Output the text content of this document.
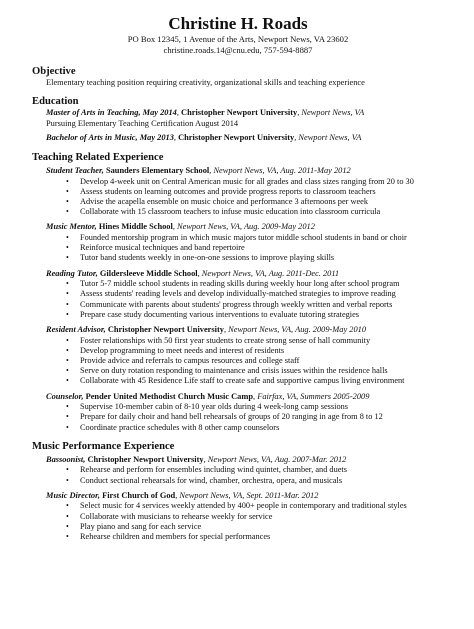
Christine H. Roads
PO Box 12345, 1 Avenue of the Arts, Newport News, VA 23602
christine.roads.14@cnu.edu, 757-594-8887
Objective
Elementary teaching position requiring creativity, organizational skills and teaching experience
Education
Master of Arts in Teaching, May 2014, Christopher Newport University, Newport News, VA
Pursuing Elementary Teaching Certification August 2014
Bachelor of Arts in Music, May 2013, Christopher Newport University, Newport News, VA
Teaching Related Experience
Student Teacher, Saunders Elementary School, Newport News, VA, Aug. 2011-May 2012
• Develop 4-week unit on Central American music for all grades and class sizes ranging from 20 to 30
• Assess students on learning outcomes and provide progress reports to classroom teachers
• Advise the acapella ensemble on music choice and performance 3 afternoons per week
• Collaborate with 15 classroom teachers to infuse music education into classroom curricula
Music Mentor, Hines Middle School, Newport News, VA, Aug. 2009-May 2012
• Founded mentorship program in which music majors tutor middle school students in band or choir
• Reinforce musical techniques and band repertoire
• Tutor band students weekly in one-on-one sessions to improve playing skills
Reading Tutor, Gildersleeve Middle School, Newport News, VA, Aug. 2011-Dec. 2011
• Tutor 5-7 middle school students in reading skills during weekly hour long after school program
• Assess students' reading levels and develop individually-matched strategies to improve reading
• Communicate with parents about students' progress through weekly written and verbal reports
• Prepare case study documenting various interventions to evaluate tutoring strategies
Resident Advisor, Christopher Newport University, Newport News, VA, Aug. 2009-May 2010
• Foster relationships with 50 first year students to create strong sense of hall community
• Develop programming to meet needs and interest of residents
• Provide advice and referrals to campus resources and college staff
• Serve on duty rotation responding to maintenance and crisis issues within the residence halls
• Collaborate with 45 Residence Life staff to create safe and supportive campus living environment
Counselor, Pender United Methodist Church Music Camp, Fairfax, VA, Summers 2005-2009
• Supervise 10-member cabin of 8-10 year olds during 4 week-long camp sessions
• Prepare for daily choir and hand bell rehearsals of groups of 20 ranging in age from 8 to 12
• Coordinate practice schedules with 8 other camp counselors
Music Performance Experience
Bassoonist, Christopher Newport University, Newport News, VA, Aug. 2007-Mar. 2012
• Rehearse and perform for ensembles including wind quintet, chamber, and duets
• Conduct sectional rehearsals for wind, chamber, orchestra, opera, and musicals
Music Director, First Church of God, Newport News, VA, Sept. 2011-Mar. 2012
• Select music for 4 services weekly attended by 400+ people in contemporary and traditional styles
• Collaborate with musicians to rehearse weekly for service
• Play piano and sang for each service
• Rehearse children and members for special performances
